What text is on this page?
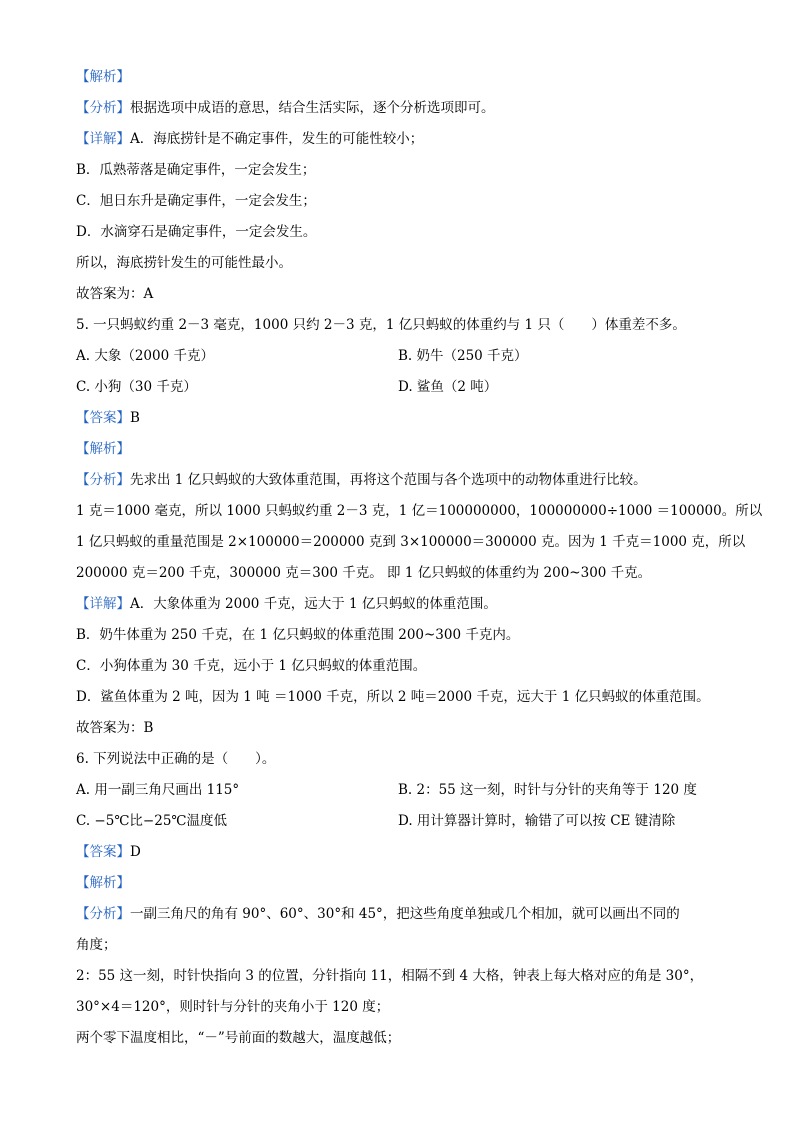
【解析】
【分析】根据选项中成语的意思，结合生活实际，逐个分析选项即可。
【详解】A．海底捞针是不确定事件，发生的可能性较小；
B．瓜熟蒂落是确定事件，一定会发生；
C．旭日东升是确定事件，一定会发生；
D．水滴穿石是确定事件，一定会发生。
所以，海底捞针发生的可能性最小。
故答案为：A
5. 一只蚂蚁约重 2－3 毫克，1000 只约 2－3 克，1 亿只蚂蚁的体重约与 1 只（　　）体重差不多。
A. 大象（2000 千克）	B. 奶牛（250 千克）
C. 小狗（30 千克）	D. 鲨鱼（2 吨）
【答案】B
【解析】
【分析】先求出 1 亿只蚂蚁的大致体重范围，再将这个范围与各个选项中的动物体重进行比较。
1 克＝1000 毫克，所以 1000 只蚂蚁约重 2－3 克，1 亿＝100000000，100000000÷1000 ＝100000。所以
1 亿只蚂蚁的重量范围是 2×100000＝200000 克到 3×100000＝300000 克。因为 1 千克＝1000 克，所以
200000 克＝200 千克，300000 克＝300 千克。 即 1 亿只蚂蚁的体重约为 200~300 千克。
【详解】A．大象体重为 2000 千克，远大于 1 亿只蚂蚁的体重范围。
B．奶牛体重为 250 千克，在 1 亿只蚂蚁的体重范围 200~300 千克内。
C．小狗体重为 30 千克，远小于 1 亿只蚂蚁的体重范围。
D．鲨鱼体重为 2 吨，因为 1 吨 ＝1000 千克，所以 2 吨＝2000 千克，远大于 1 亿只蚂蚁的体重范围。
故答案为：B
6. 下列说法中正确的是（　　）。
A. 用一副三角尺画出 115°	B. 2：55 这一刻，时针与分针的夹角等于 120 度
C. −5℃比−25℃温度低	D. 用计算器计算时，输错了可以按 CE 键清除
【答案】D
【解析】
【分析】一副三角尺的角有 90°、60°、30°和 45°，把这些角度单独或几个相加，就可以画出不同的
角度；
2：55 这一刻，时针快指向 3 的位置，分针指向 11，相隔不到 4 大格，钟表上每大格对应的角是 30°，
30°×4＝120°，则时针与分针的夹角小于 120 度；
两个零下温度相比，“－”号前面的数越大，温度越低；
